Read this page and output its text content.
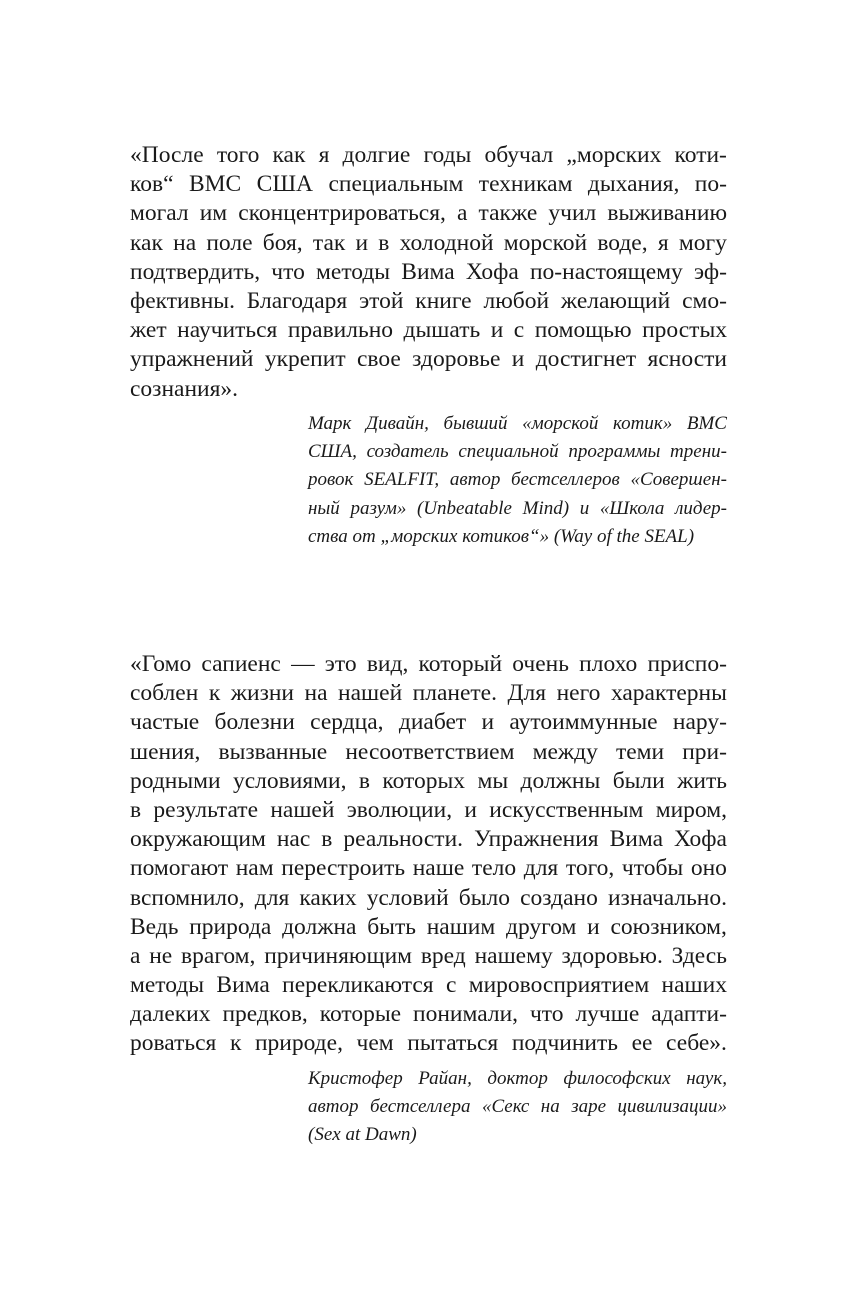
«После того как я долгие годы обучал „морских коти-
ков“ ВМС США специальным техникам дыхания, по-
могал им сконцентрироваться, а также учил выживанию
как на поле боя, так и в холодной морской воде, я могу
подтвердить, что методы Вима Хофа по-настоящему эф-
фективны. Благодаря этой книге любой желающий смо-
жет научиться правильно дышать и с помощью простых
упражнений укрепит свое здоровье и достигнет ясности
сознания».
Марк Дивайн, бывший «морской котик» ВМС
США, создатель специальной программы трени-
ровок SEALFIT, автор бестселлеров «Совершен-
ный разум» (Unbeatable Mind) и «Школа лидер-
ства
от
„морских
котиков“»
(Way
of
the
SEAL)
«Гомо сапиенс — это вид, который очень плохо приспо-
соблен к жизни на нашей планете. Для него характерны
частые болезни сердца, диабет и аутоиммунные нару-
шения, вызванные несоответствием между теми при-
родными условиями, в которых мы должны были жить
в результате нашей эволюции, и искусственным миром,
окружающим нас в реальности. Упражнения Вима Хофа
помогают нам перестроить наше тело для того, чтобы оно
вспомнило, для каких условий было создано изначально.
Ведь природа должна быть нашим другом и союзником,
а не врагом, причиняющим вред нашему здоровью. Здесь
методы Вима перекликаются с мировосприятием наших
далеких предков, которые понимали, что лучше адапти-
роваться к природе, чем пытаться подчинить ее себе».
Кристофер Райан, доктор философских наук,
автор бестселлера «Секс на заре цивилизации»
(Sex
at
Dawn)
